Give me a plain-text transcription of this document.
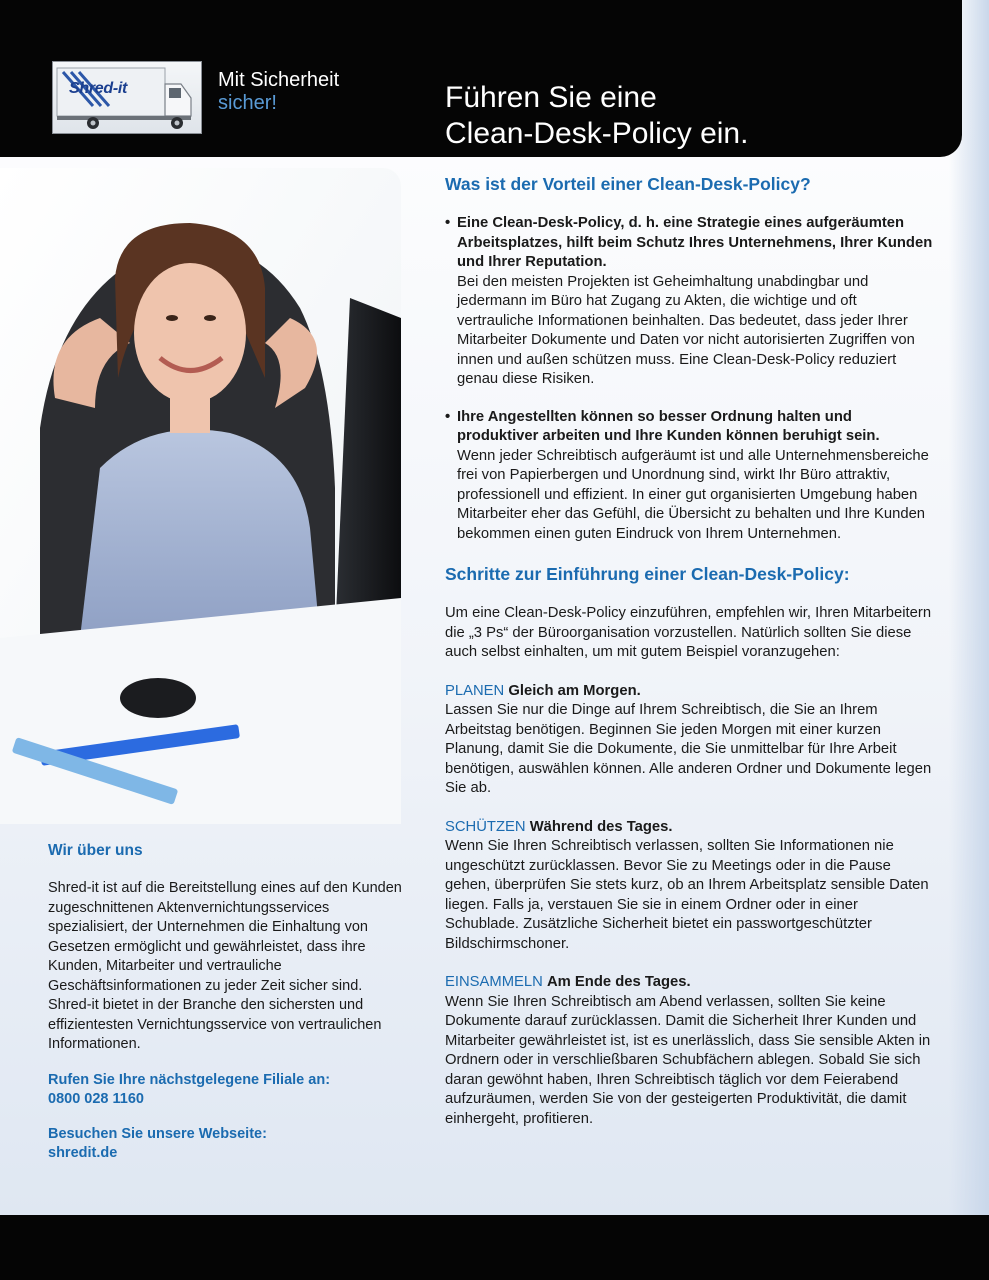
Shred-it	Mit Sicherheit
sicher!	Führen Sie eine
Clean-Desk-Policy ein.
Wir über uns

Shred-it ist auf die Bereitstellung eines auf den Kunden zugeschnittenen Aktenvernichtungsservices spezialisiert, der Unternehmen die Einhaltung von Gesetzen ermöglicht und gewährleistet, dass ihre Kunden, Mitarbeiter und vertrauliche Geschäftsinformationen zu jeder Zeit sicher sind. Shred-it bietet in der Branche den sichersten und effizientesten Vernichtungsservice von vertraulichen Informationen.

Rufen Sie Ihre nächstgelegene Filiale an:
0800 028 1160
Besuchen Sie unsere Webseite:
shredit.de
Was ist der Vorteil einer Clean-Desk-Policy?
• Eine Clean-Desk-Policy, d. h. eine Strategie eines aufgeräumten Arbeitsplatzes, hilft beim Schutz Ihres Unternehmens, Ihrer Kunden und Ihrer Reputation.
Bei den meisten Projekten ist Geheimhaltung unabdingbar und jedermann im Büro hat Zugang zu Akten, die wichtige und oft vertrauliche Informationen beinhalten. Das bedeutet, dass jeder Ihrer Mitarbeiter Dokumente und Daten vor nicht autorisierten Zugriffen von innen und außen schützen muss. Eine Clean-Desk-Policy reduziert genau diese Risiken.
• Ihre Angestellten können so besser Ordnung halten und produktiver arbeiten und Ihre Kunden können beruhigt sein.
Wenn jeder Schreibtisch aufgeräumt ist und alle Unternehmensbereiche frei von Papierbergen und Unordnung sind, wirkt Ihr Büro attraktiv, professionell und effizient. In einer gut organisierten Umgebung haben Mitarbeiter eher das Gefühl, die Übersicht zu behalten und Ihre Kunden bekommen einen guten Eindruck von Ihrem Unternehmen.
Schritte zur Einführung einer Clean-Desk-Policy:
Um eine Clean-Desk-Policy einzuführen, empfehlen wir, Ihren Mitarbeitern die „3 Ps“ der Büroorganisation vorzustellen. Natürlich sollten Sie diese auch selbst einhalten, um mit gutem Beispiel voranzugehen:
PLANEN Gleich am Morgen.
Lassen Sie nur die Dinge auf Ihrem Schreibtisch, die Sie an Ihrem Arbeitstag benötigen. Beginnen Sie jeden Morgen mit einer kurzen Planung, damit Sie die Dokumente, die Sie unmittelbar für Ihre Arbeit benötigen, auswählen können. Alle anderen Ordner und Dokumente legen Sie ab.
SCHÜTZEN Während des Tages.
Wenn Sie Ihren Schreibtisch verlassen, sollten Sie Informationen nie ungeschützt zurücklassen. Bevor Sie zu Meetings oder in die Pause gehen, überprüfen Sie stets kurz, ob an Ihrem Arbeitsplatz sensible Daten liegen. Falls ja, verstauen Sie sie in einem Ordner oder in einer Schublade. Zusätzliche Sicherheit bietet ein passwortgeschützter Bildschirmschoner.
EINSAMMELN Am Ende des Tages.
Wenn Sie Ihren Schreibtisch am Abend verlassen, sollten Sie keine Dokumente darauf zurücklassen. Damit die Sicherheit Ihrer Kunden und Mitarbeiter gewährleistet ist, ist es unerlässlich, dass Sie sensible Akten in Ordnern oder in verschließbaren Schubfächern ablegen. Sobald Sie sich daran gewöhnt haben, Ihren Schreibtisch täglich vor dem Feierabend aufzuräumen, werden Sie von der gesteigerten Produktivität, die damit einhergeht, profitieren.
